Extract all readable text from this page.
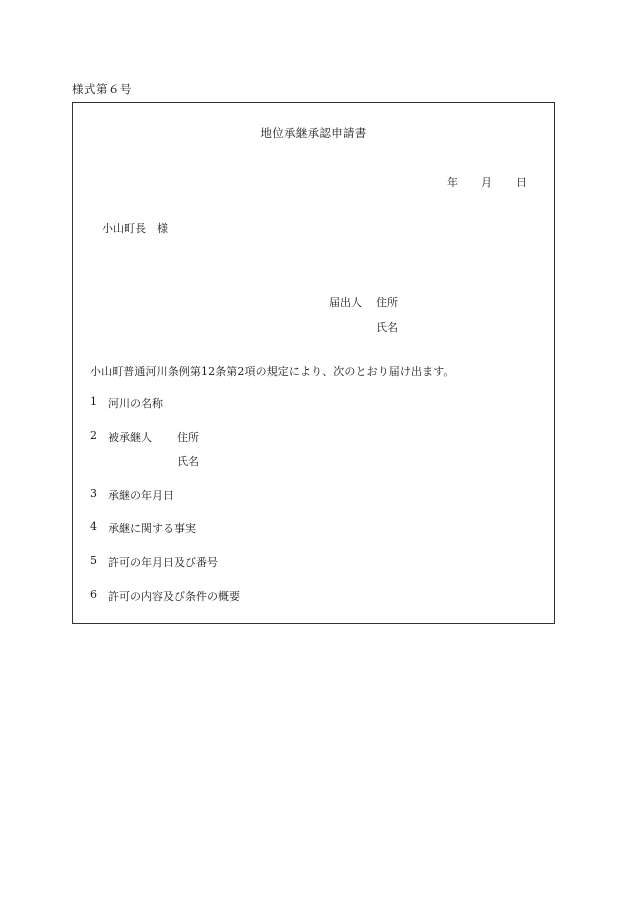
様式第６号
地位承継承認申請書
年 月 日
小山町長　様
届出人 住所
氏名
小山町普通河川条例第12条第2項の規定により、次のとおり届け出ます。
1 河川の名称
2 被承継人 住所
氏名
3 承継の年月日
4 承継に関する事実
5 許可の年月日及び番号
6 許可の内容及び条件の概要
